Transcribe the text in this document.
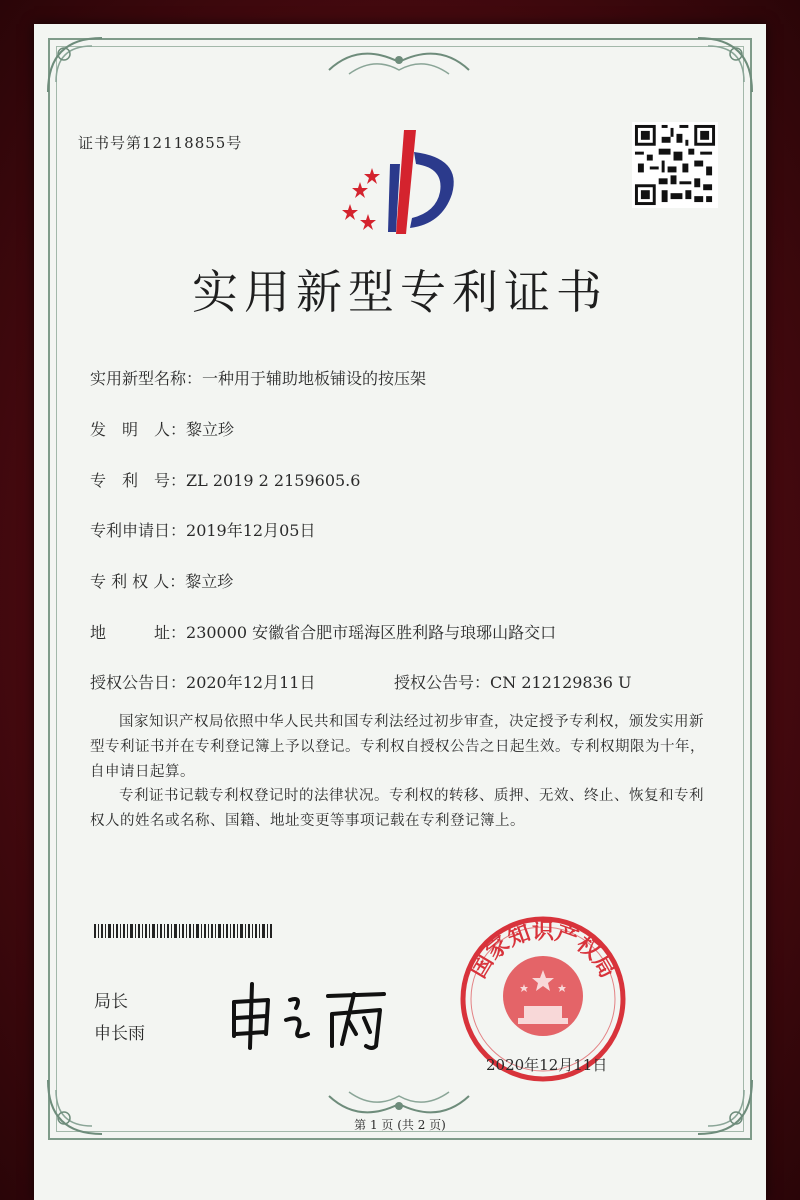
证书号第12118855号
实用新型专利证书
实用新型名称：一种用于辅助地板铺设的按压架
发　明　人：黎立珍
专　利　号：ZL 2019 2 2159605.6
专利申请日：2019年12月05日
专 利 权 人：黎立珍
地　　　址：230000 安徽省合肥市瑶海区胜利路与琅琊山路交口
授权公告日：2020年12月11日	授权公告号：CN 212129836 U
国家知识产权局依照中华人民共和国专利法经过初步审查，决定授予专利权，颁发实用新型专利证书并在专利登记簿上予以登记。专利权自授权公告之日起生效。专利权期限为十年，自申请日起算。
专利证书记载专利权登记时的法律状况。专利权的转移、质押、无效、终止、恢复和专利权人的姓名或名称、国籍、地址变更等事项记载在专利登记簿上。
局长
申长雨
国家知识产权局
2020年12月11日
第 1 页 (共 2 页)
